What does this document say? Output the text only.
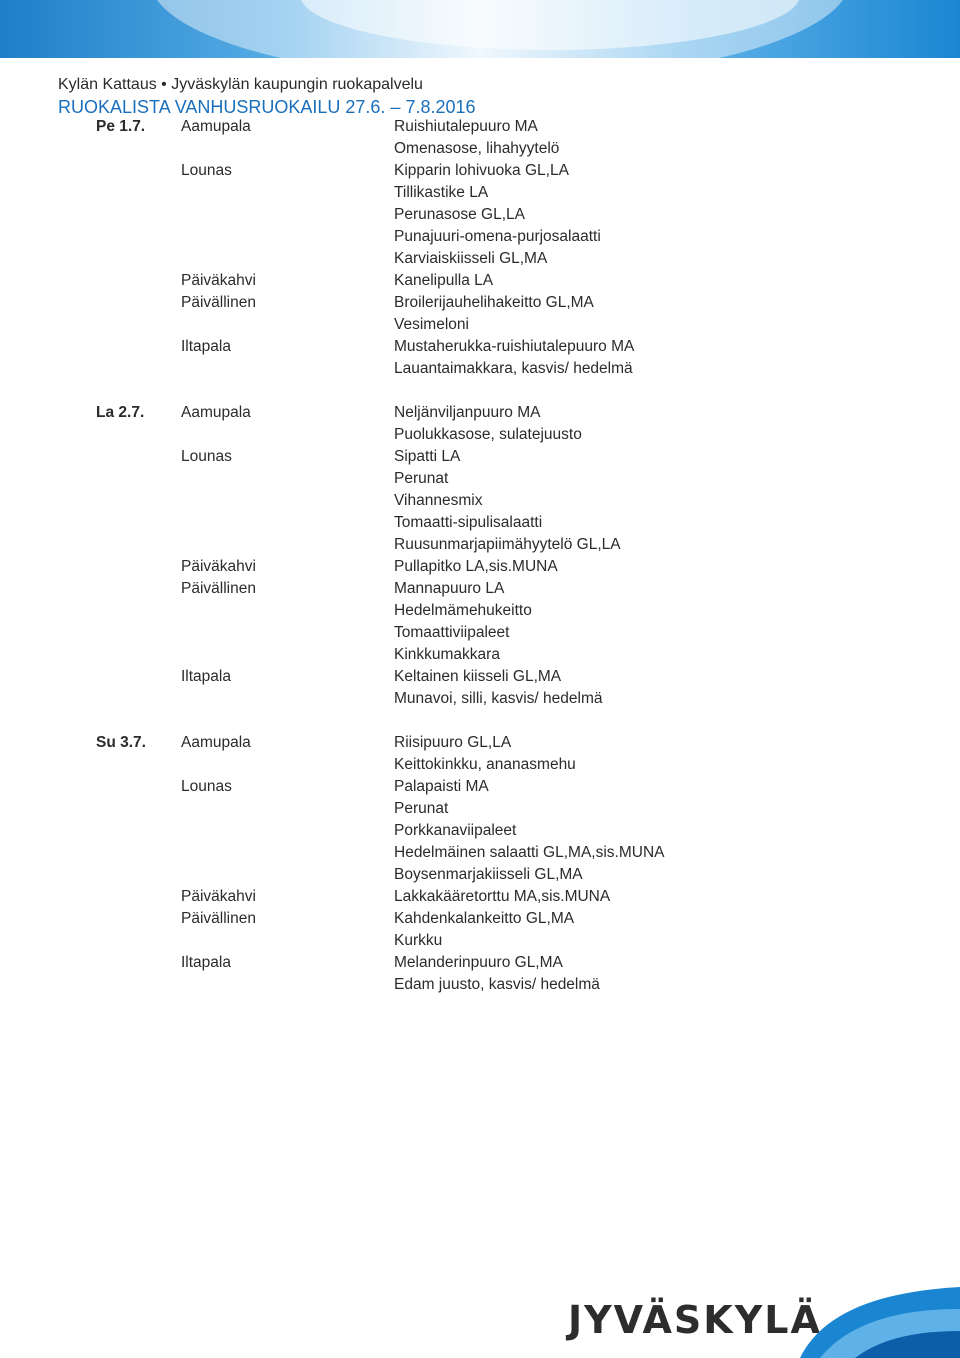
Kylän Kattaus • Jyväskylän kaupungin ruokapalvelu
RUOKALISTA VANHUSRUOKAILU 27.6. – 7.8.2016
Pe 1.7. Aamupala	Ruishiutalepuuro MA
Omenasose, lihahyytelö
Lounas	Kipparin lohivuoka GL,LA
Tillikastike LA
Perunasose GL,LA
Punajuuri-omena-purjosalaatti
Karviaiskiisseli GL,MA
Päiväkahvi	Kanelipulla LA
Päivällinen	Broilerijauhelihakeitto GL,MA
Vesimeloni
Iltapala	Mustaherukka-ruishiutalepuuro MA
Lauantaimakkara, kasvis/ hedelmä
La 2.7. Aamupala	Neljänviljanpuuro MA
Puolukkasose, sulatejuusto
Lounas	Sipatti LA
Perunat
Vihannesmix
Tomaatti-sipulisalaatti
Ruusunmarjapiimähyytelö GL,LA
Päiväkahvi	Pullapitko LA,sis.MUNA
Päivällinen	Mannapuuro LA
Hedelmämehukeitto
Tomaattiviipaleet
Kinkkumakkara
Iltapala	Keltainen kiisseli GL,MA
Munavoi, silli, kasvis/ hedelmä
Su 3.7. Aamupala	Riisipuuro GL,LA
Keittokinkku, ananasmehu
Lounas	Palapaisti MA
Perunat
Porkkanaviipaleet
Hedelmäinen salaatti GL,MA,sis.MUNA
Boysenmarjakiisseli GL,MA
Päiväkahvi	Lakkakääretorttu MA,sis.MUNA
Päivällinen	Kahdenkalankeitto GL,MA
Kurkku
Iltapala	Melanderinpuuro GL,MA
Edam juusto, kasvis/ hedelmä
JYVÄSKYLÄ
